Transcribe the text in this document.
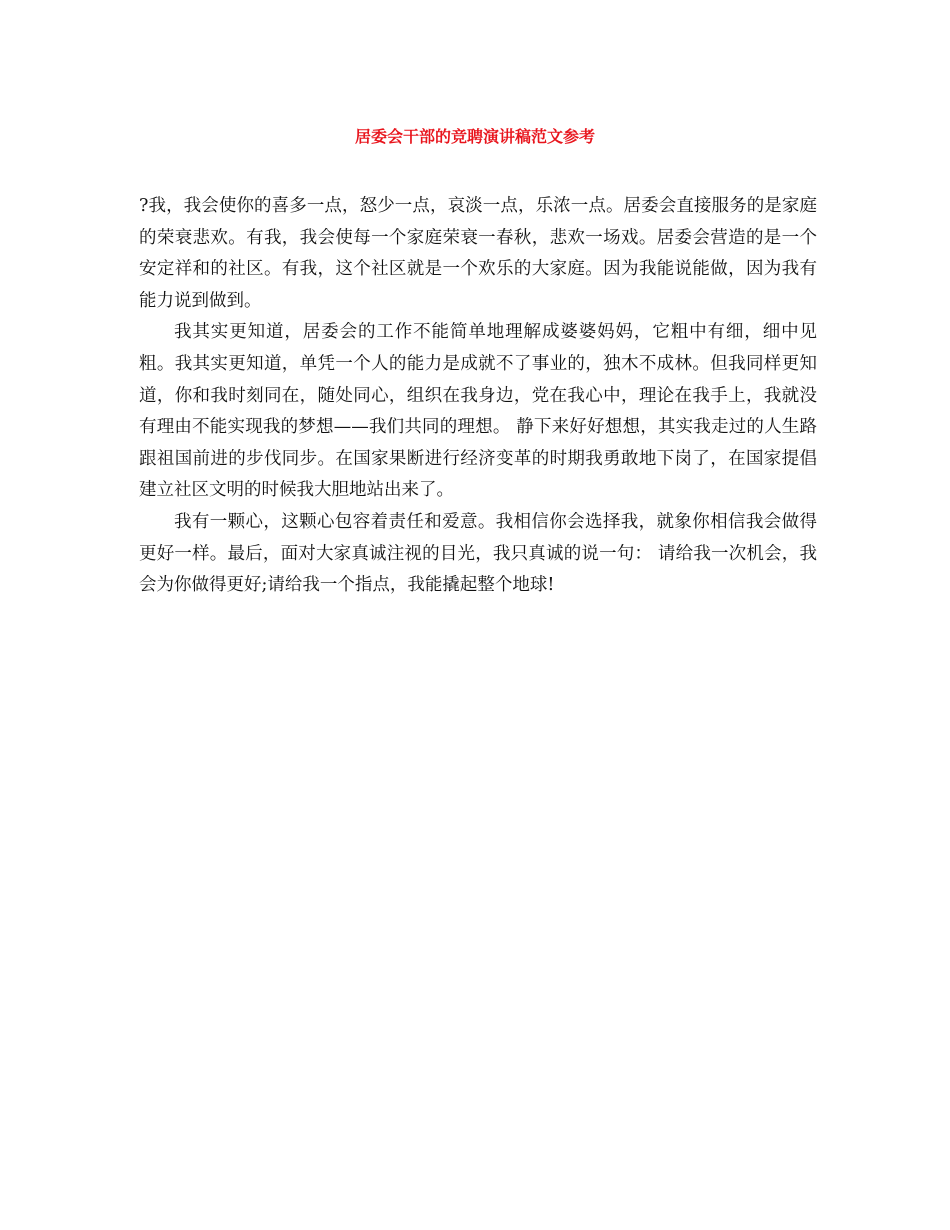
居委会干部的竞聘演讲稿范文参考

?我，我会使你的喜多一点，怒少一点，哀淡一点，乐浓一点。居委会直接服务的是家庭的荣衰悲欢。有我，我会使每一个家庭荣衰一春秋，悲欢一场戏。居委会营造的是一个安定祥和的社区。有我，这个社区就是一个欢乐的大家庭。因为我能说能做，因为我有能力说到做到。

我其实更知道，居委会的工作不能简单地理解成婆婆妈妈，它粗中有细，细中见粗。我其实更知道，单凭一个人的能力是成就不了事业的，独木不成林。但我同样更知道，你和我时刻同在，随处同心，组织在我身边，党在我心中，理论在我手上，我就没有理由不能实现我的梦想——我们共同的理想。 静下来好好想想，其实我走过的人生路跟祖国前进的步伐同步。在国家果断进行经济变革的时期我勇敢地下岗了，在国家提倡建立社区文明的时候我大胆地站出来了。

我有一颗心，这颗心包容着责任和爱意。我相信你会选择我，就象你相信我会做得更好一样。最后，面对大家真诚注视的目光，我只真诚的说一句： 请给我一次机会，我会为你做得更好;请给我一个指点，我能撬起整个地球!
